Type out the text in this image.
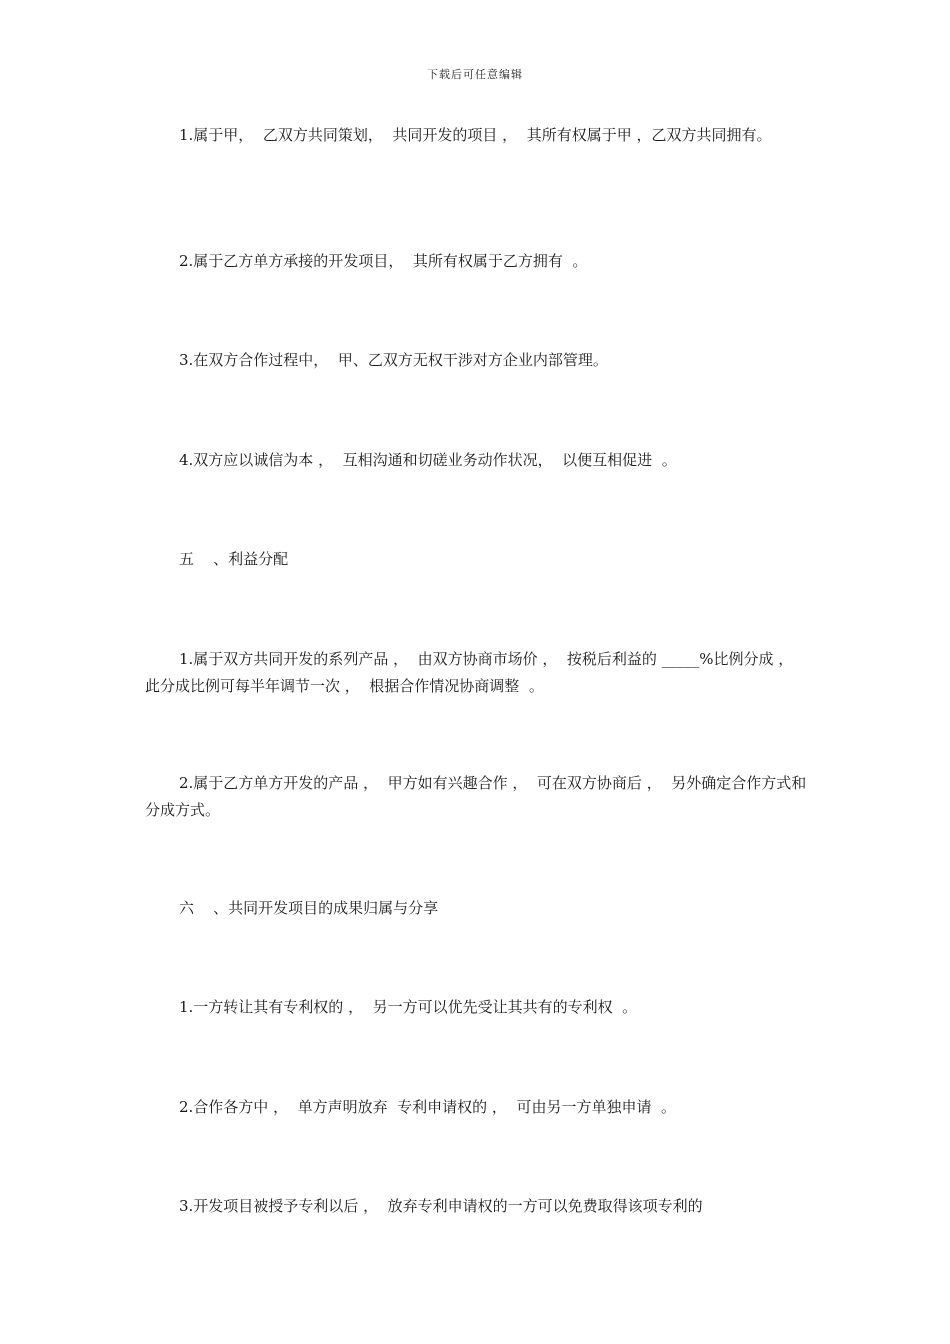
下载后可任意编辑
1.属于甲，  乙双方共同策划，  共同开发的项目 ，  其所有权属于甲 ，乙双方共同拥有。
2.属于乙方单方承接的开发项目，  其所有权属于乙方拥有  。
3.在双方合作过程中，  甲、乙双方无权干涉对方企业内部管理。
4.双方应以诚信为本 ，  互相沟通和切磋业务动作状况，  以便互相促进  。
五    、利益分配
1.属于双方共同开发的系列产品 ，  由双方协商市场价 ，  按税后利益的 _____%比例分成 ，  此分成比例可每半年调节一次 ，  根据合作情况协商调整  。
2.属于乙方单方开发的产品 ，  甲方如有兴趣合作 ，  可在双方协商后 ，  另外确定合作方式和分成方式。
六    、共同开发项目的成果归属与分享
1.一方转让其有专利权的 ，  另一方可以优先受让其共有的专利权  。
2.合作各方中 ，  单方声明放弃  专利申请权的 ，  可由另一方单独申请  。
3.开发项目被授予专利以后 ，  放弃专利申请权的一方可以免费取得该项专利的
